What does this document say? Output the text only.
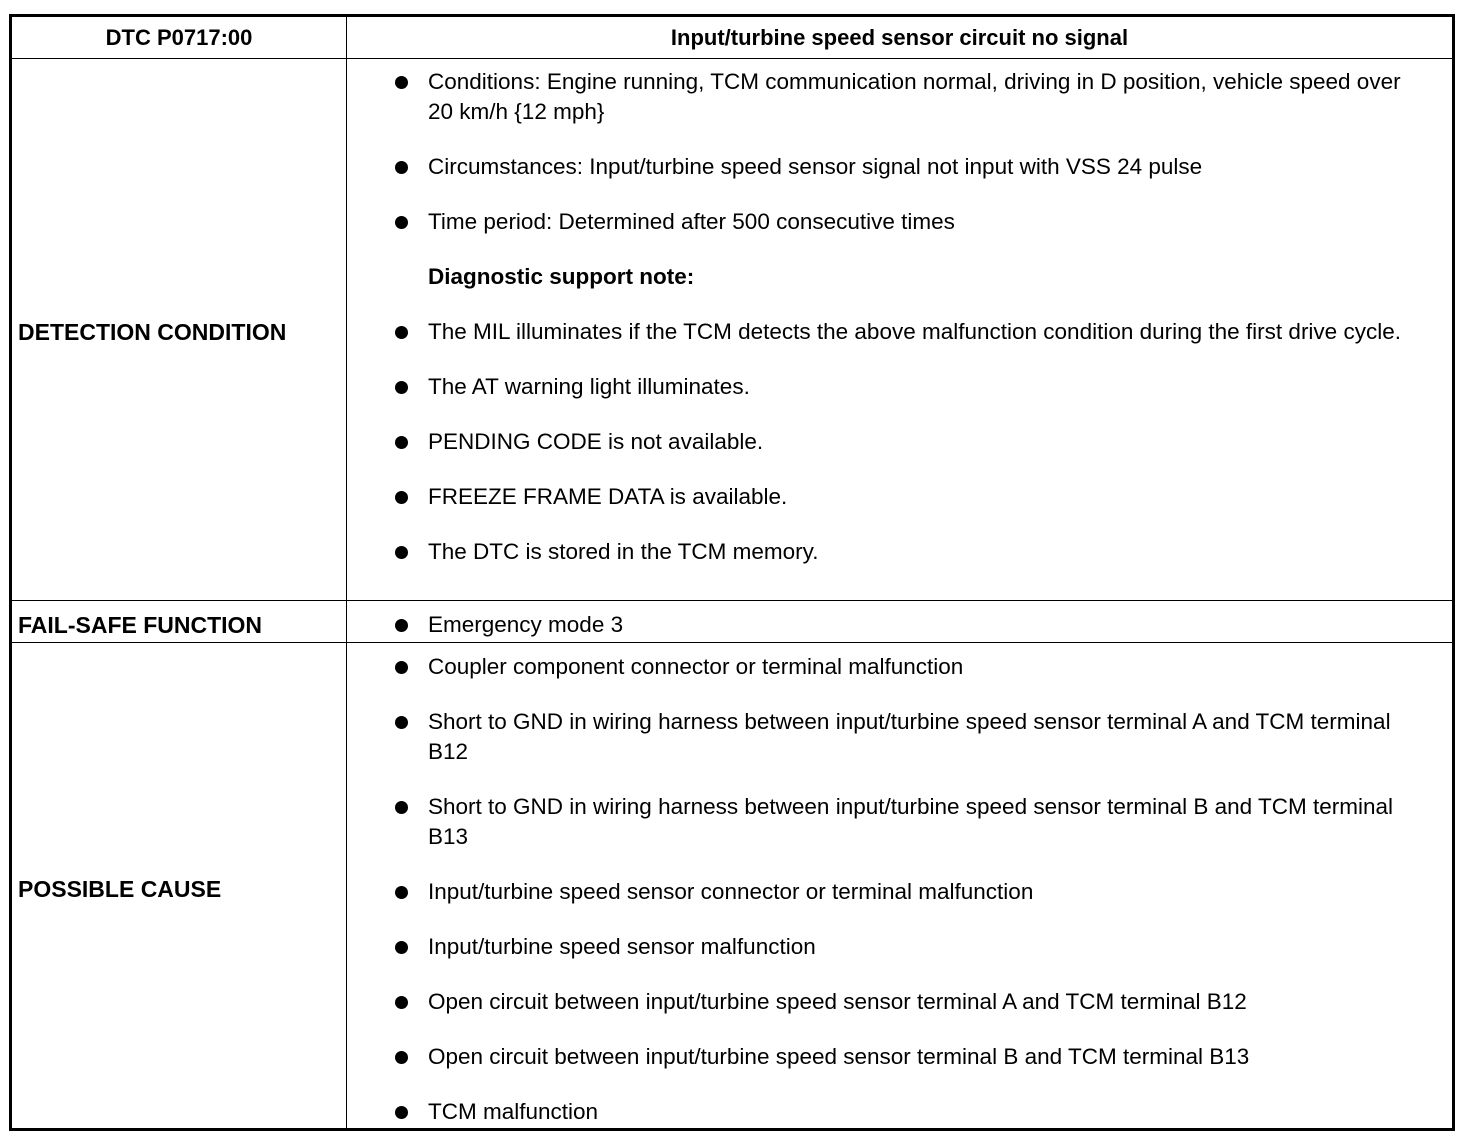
DTC P0717:00	Input/turbine speed sensor circuit no signal
DETECTION CONDITION
Conditions: Engine running, TCM communication normal, driving in D position, vehicle speed over 20 km/h {12 mph}
Circumstances: Input/turbine speed sensor signal not input with VSS 24 pulse
Time period: Determined after 500 consecutive times
Diagnostic support note:
The MIL illuminates if the TCM detects the above malfunction condition during the first drive cycle.
The AT warning light illuminates.
PENDING CODE is not available.
FREEZE FRAME DATA is available.
The DTC is stored in the TCM memory.
FAIL-SAFE FUNCTION	Emergency mode 3
POSSIBLE CAUSE
Coupler component connector or terminal malfunction
Short to GND in wiring harness between input/turbine speed sensor terminal A and TCM terminal B12
Short to GND in wiring harness between input/turbine speed sensor terminal B and TCM terminal B13
Input/turbine speed sensor connector or terminal malfunction
Input/turbine speed sensor malfunction
Open circuit between input/turbine speed sensor terminal A and TCM terminal B12
Open circuit between input/turbine speed sensor terminal B and TCM terminal B13
TCM malfunction
